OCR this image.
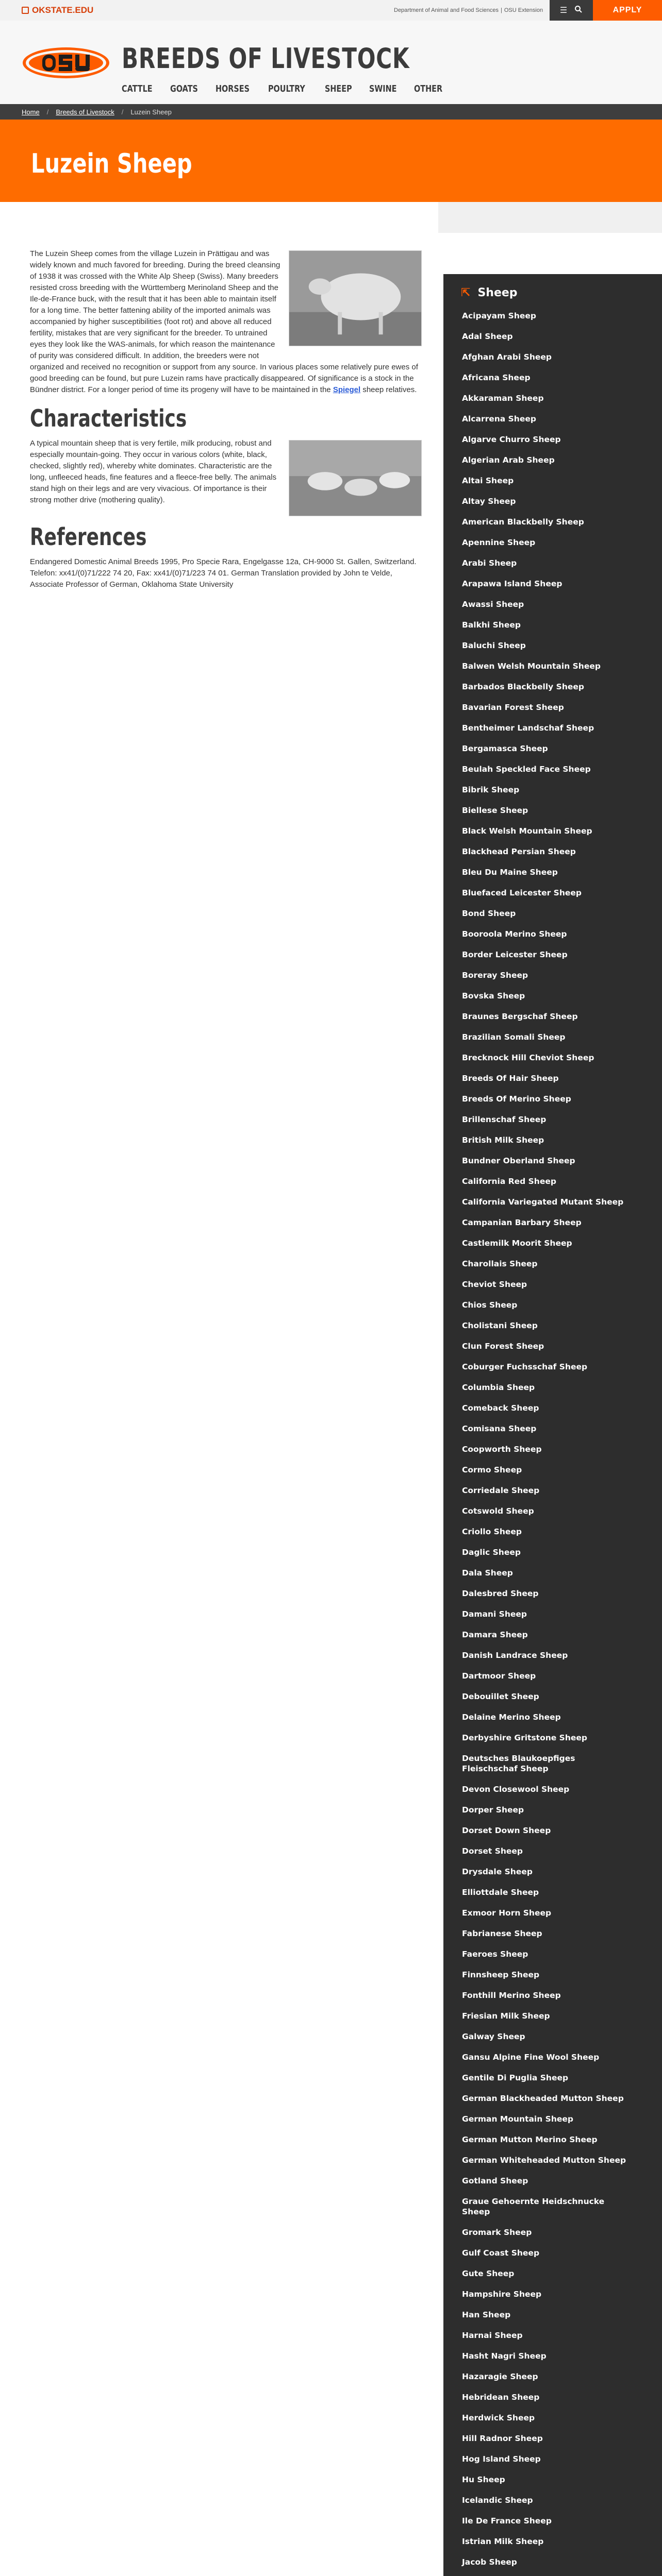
OKSTATE.EDU	Department of Animal and Food Sciences | OSU Extension ☰	APPLY
BREEDS OF LIVESTOCK
CATTLE GOATS HORSES POULTRY SHEEP SWINE OTHER
Home / Breeds of Livestock / Luzein Sheep
Luzein Sheep

The Luzein Sheep comes from the village Luzein in Prättigau and was widely known and much favored for breeding. During the breed cleansing of 1938 it was crossed with the White Alp Sheep (Swiss). Many breeders resisted cross breeding with the Württemberg Merinoland Sheep and the Ile-de-France buck, with the result that it has been able to maintain itself for a long time. The better fattening ability of the imported animals was accompanied by higher susceptibilities (foot rot) and above all reduced fertility, mistakes that are very significant for the breeder. To untrained eyes they look like the WAS-animals, for which reason the maintenance of purity was considered difficult. In addition, the breeders were not organized and received no recognition or support from any source. In various places some relatively pure ewes of good breeding can be found, but pure Luzein rams have practically disappeared. Of significance is a stock in the Bündner district. For a longer period of time its progeny will have to be maintained in the Spiegel sheep relatives.

Characteristics

A typical mountain sheep that is very fertile, milk producing, robust and especially mountain-going. They occur in various colors (white, black, checked, slightly red), whereby white dominates. Characteristic are the long, unfleeced heads, fine features and a fleece-free belly. The animals stand high on their legs and are very vivacious. Of importance is their strong mother drive (mothering quality).

References

Endangered Domestic Animal Breeds 1995, Pro Specie Rara, Engelgasse 12a, CH-9000 St. Gallen, Switzerland. Telefon: xx41/(0)71/222 74 20, Fax: xx41/(0)71/223 74 01. German Translation provided by John te Velde, Associate Professor of German, Oklahoma State University

⇱ Sheep
Acipayam Sheep
Adal Sheep
Afghan Arabi Sheep
Africana Sheep
Akkaraman Sheep
Alcarrena Sheep
Algarve Churro Sheep
Algerian Arab Sheep
Altai Sheep
Altay Sheep
American Blackbelly Sheep
Apennine Sheep
Arabi Sheep
Arapawa Island Sheep
Awassi Sheep
Balkhi Sheep
Baluchi Sheep
Balwen Welsh Mountain Sheep
Barbados Blackbelly Sheep
Bavarian Forest Sheep
Bentheimer Landschaf Sheep
Bergamasca Sheep
Beulah Speckled Face Sheep
Bibrik Sheep
Biellese Sheep
Black Welsh Mountain Sheep
Blackhead Persian Sheep
Bleu Du Maine Sheep
Bluefaced Leicester Sheep
Bond Sheep
Booroola Merino Sheep
Border Leicester Sheep
Boreray Sheep
Bovska Sheep
Braunes Bergschaf Sheep
Brazilian Somali Sheep
Brecknock Hill Cheviot Sheep
Breeds Of Hair Sheep
Breeds Of Merino Sheep
Brillenschaf Sheep
British Milk Sheep
Bundner Oberland Sheep
California Red Sheep
California Variegated Mutant Sheep
Campanian Barbary Sheep
Castlemilk Moorit Sheep
Charollais Sheep
Cheviot Sheep
Chios Sheep
Cholistani Sheep
Clun Forest Sheep
Coburger Fuchsschaf Sheep
Columbia Sheep
Comeback Sheep
Comisana Sheep
Coopworth Sheep
Cormo Sheep
Corriedale Sheep
Cotswold Sheep
Criollo Sheep
Daglic Sheep
Dala Sheep
Dalesbred Sheep
Damani Sheep
Damara Sheep
Danish Landrace Sheep
Dartmoor Sheep
Debouillet Sheep
Delaine Merino Sheep
Derbyshire Gritstone Sheep
Deutsches Blaukoepfiges Fleischschaf Sheep
Devon Closewool Sheep
Dorper Sheep
Dorset Down Sheep
Dorset Sheep
Drysdale Sheep
Elliottdale Sheep
Exmoor Horn Sheep
Fabrianese Sheep
Faeroes Sheep
Finnsheep Sheep
Fonthill Merino Sheep
Friesian Milk Sheep
Galway Sheep
Gansu Alpine Fine Wool Sheep
Gentile Di Puglia Sheep
German Blackheaded Mutton Sheep
German Mountain Sheep
German Mutton Merino Sheep
German Whiteheaded Mutton Sheep
Gotland Sheep
Graue Gehoernte Heidschnucke Sheep
Gromark Sheep
Gulf Coast Sheep
Gute Sheep
Hampshire Sheep
Han Sheep
Harnai Sheep
Hasht Nagri Sheep
Hazaragie Sheep
Hebridean Sheep
Herdwick Sheep
Hill Radnor Sheep
Hog Island Sheep
Hu Sheep
Icelandic Sheep
Ile De France Sheep
Istrian Milk Sheep
Jacob Sheep
